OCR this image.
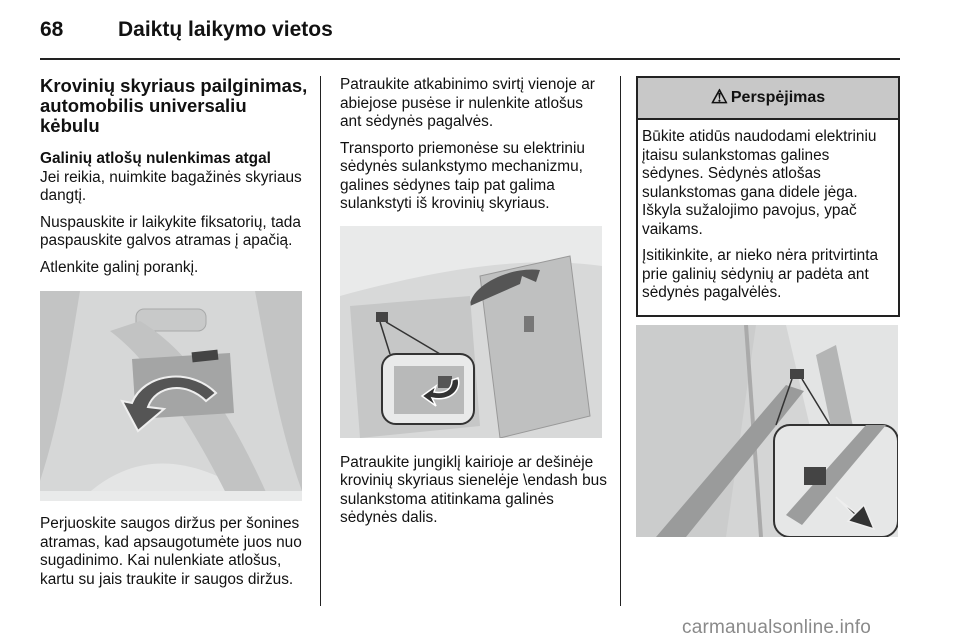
68	Daiktų laikymo vietos
Krovinių skyriaus pailginimas, automobilis universaliu kėbulu
Galinių atlošų nulenkimas atgal

Jei reikia, nuimkite bagažinės skyriaus dangtį.

Nuspauskite ir laikykite fiksatorių, tada paspauskite galvos atramas į apačią.

Atlenkite galinį porankį.

Perjuoskite saugos diržus per šonines atramas, kad apsaugotumėte juos nuo sugadinimo. Kai nulenkiate atlošus, kartu su jais traukite ir saugos diržus.

Patraukite atkabinimo svirtį vienoje ar abiejose pusėse ir nulenkite atlošus ant sėdynės pagalvės.

Transporto priemonėse su elektriniu sėdynės sulankstymo mechanizmu, galines sėdynes taip pat galima sulankstyti iš krovinių skyriaus.

Patraukite jungiklį kairioje ar dešinėje krovinių skyriaus sienelėje \endash bus sulankstoma atitinkama galinės sėdynės dalis.

⚠ Perspėjimas

Būkite atidūs naudodami elektriniu įtaisu sulankstomas galines sėdynes. Sėdynės atlošas sulankstomas gana didele jėga. Iškyla sužalojimo pavojus, ypač vaikams.

Įsitikinkite, ar nieko nėra pritvirtinta prie galinių sėdynių ar padėta ant sėdynės pagalvėlės.

carmanualsonline.info
